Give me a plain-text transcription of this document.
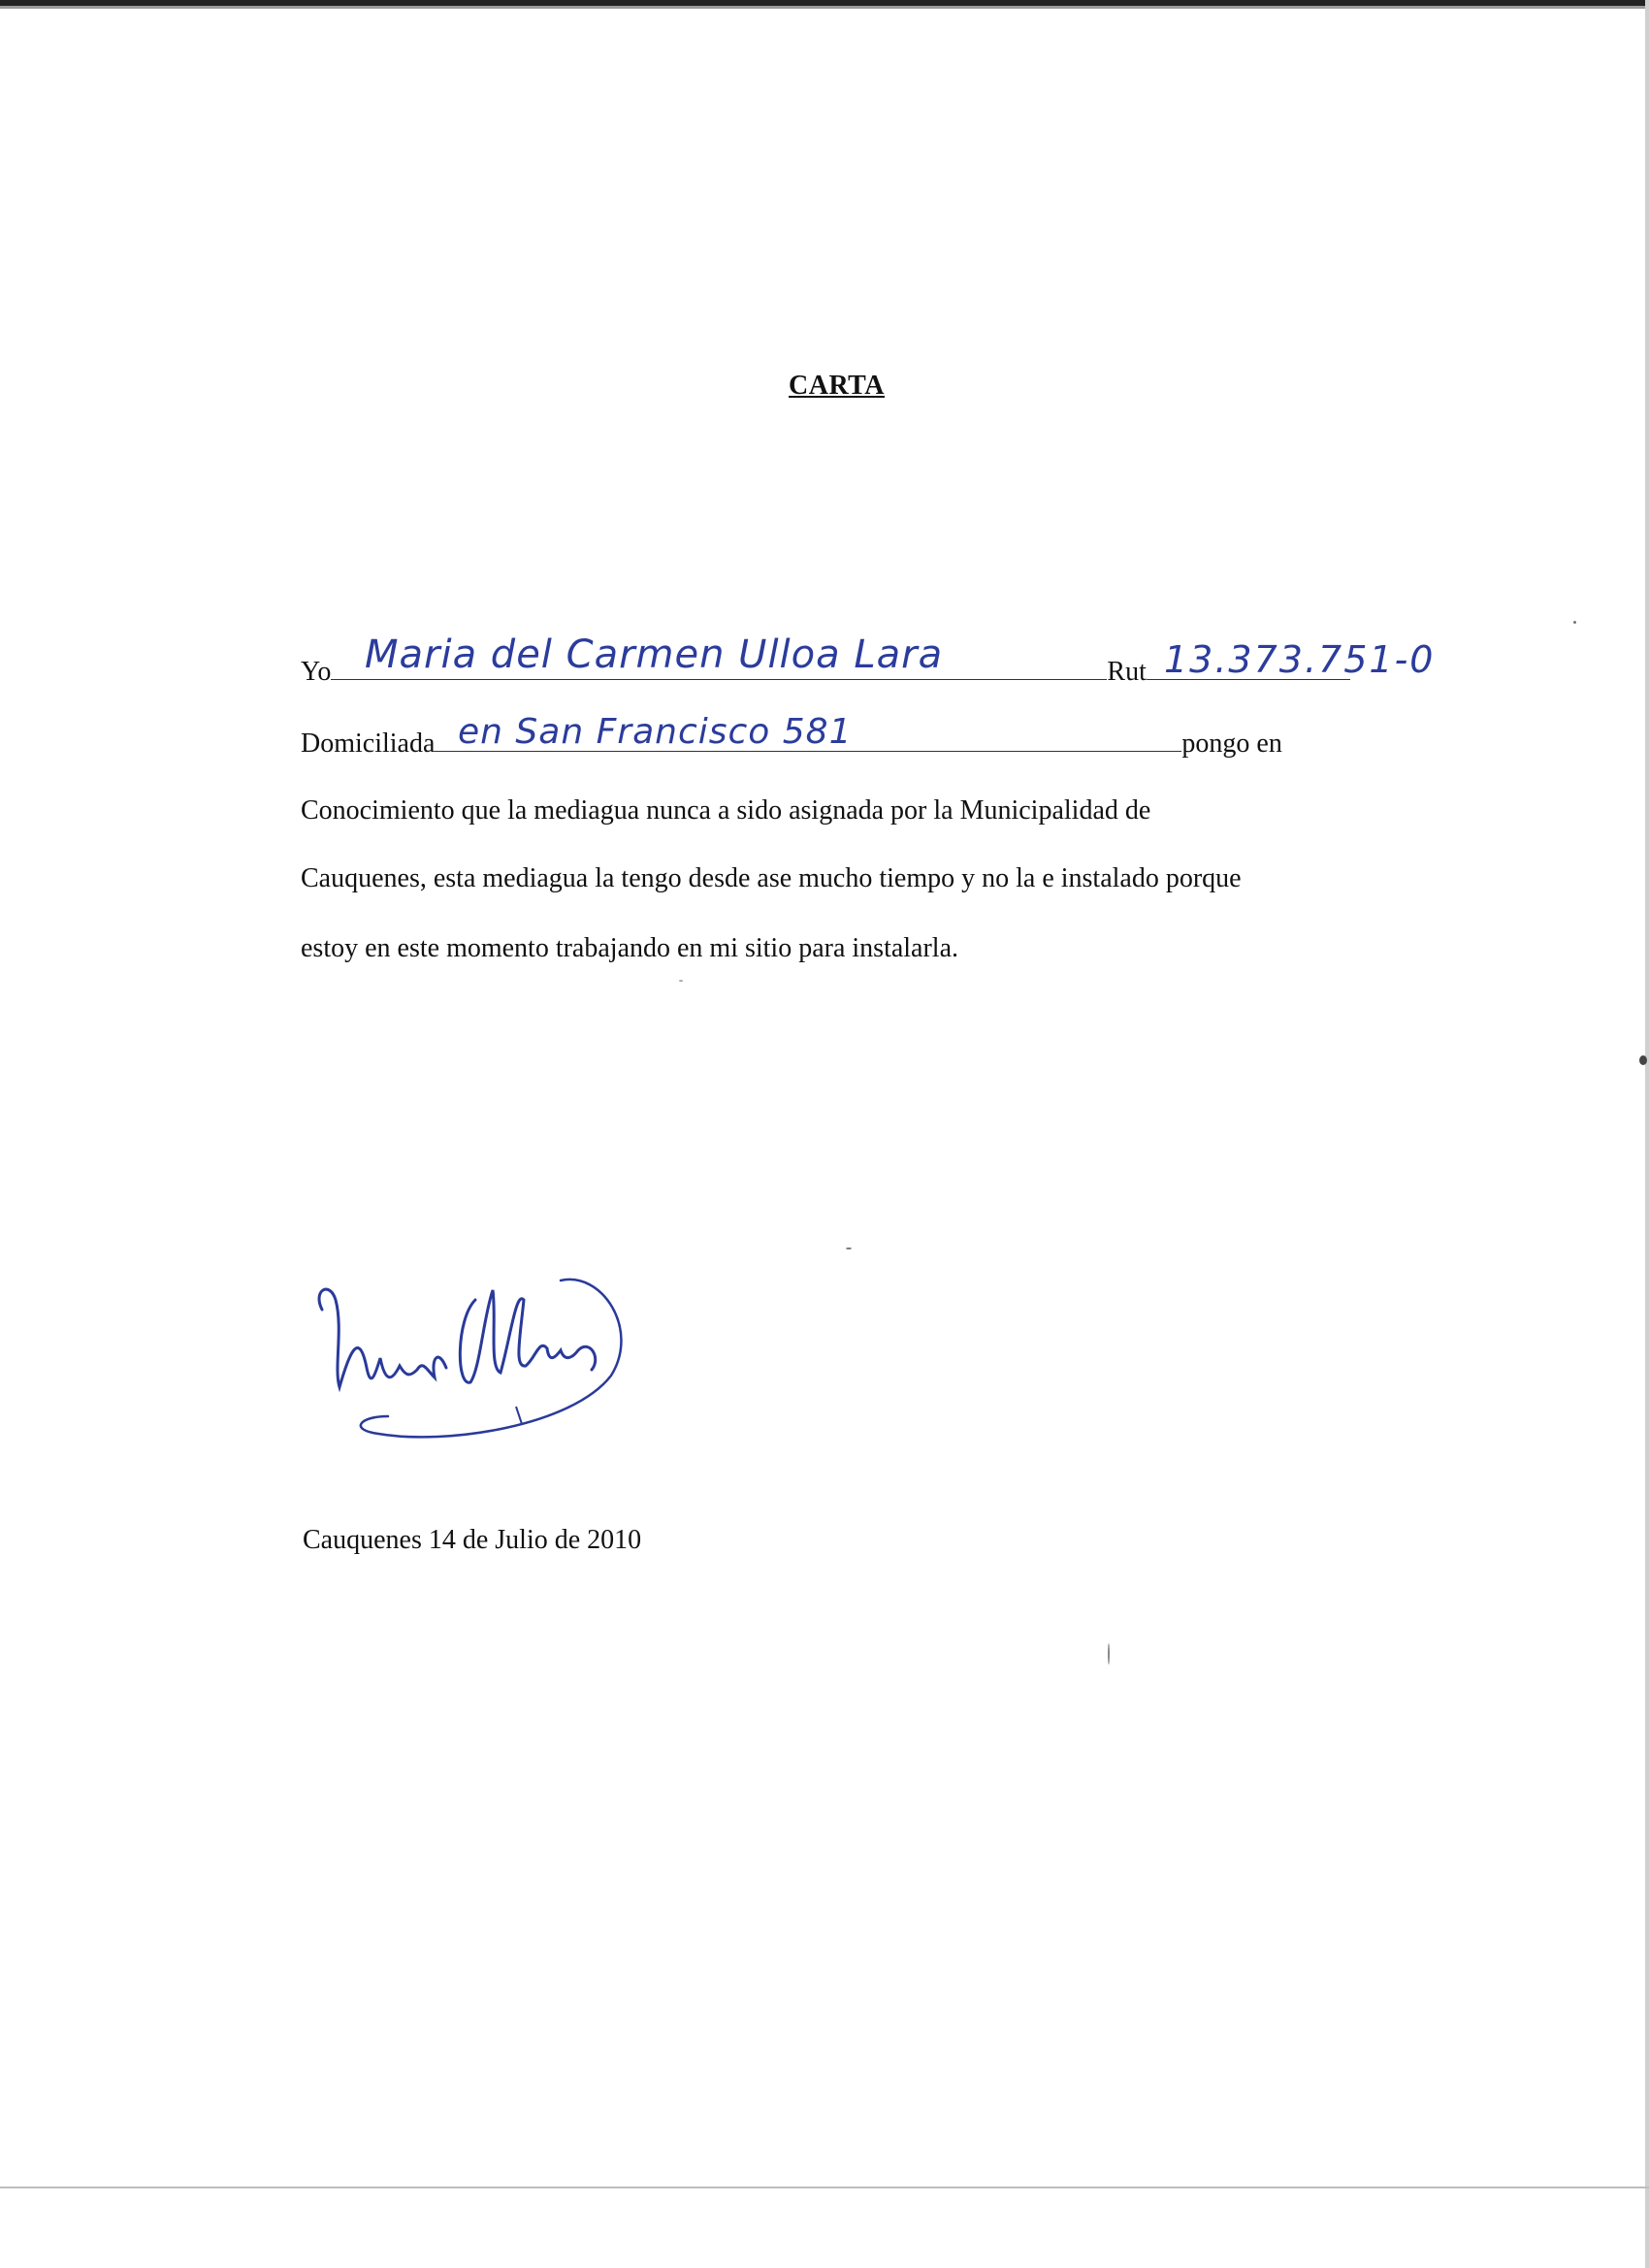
CARTA
Yo	Rut
Maria del Carmen Ulloa Lara	13.373.751-0
Domiciliada	pongo en
en San Francisco 581
Conocimiento que la mediagua nunca a sido asignada por la Municipalidad de
Cauquenes, esta mediagua la tengo desde ase mucho tiempo y no la e instalado porque
estoy en este momento trabajando en mi sitio para instalarla.
Cauquenes 14 de Julio de 2010
